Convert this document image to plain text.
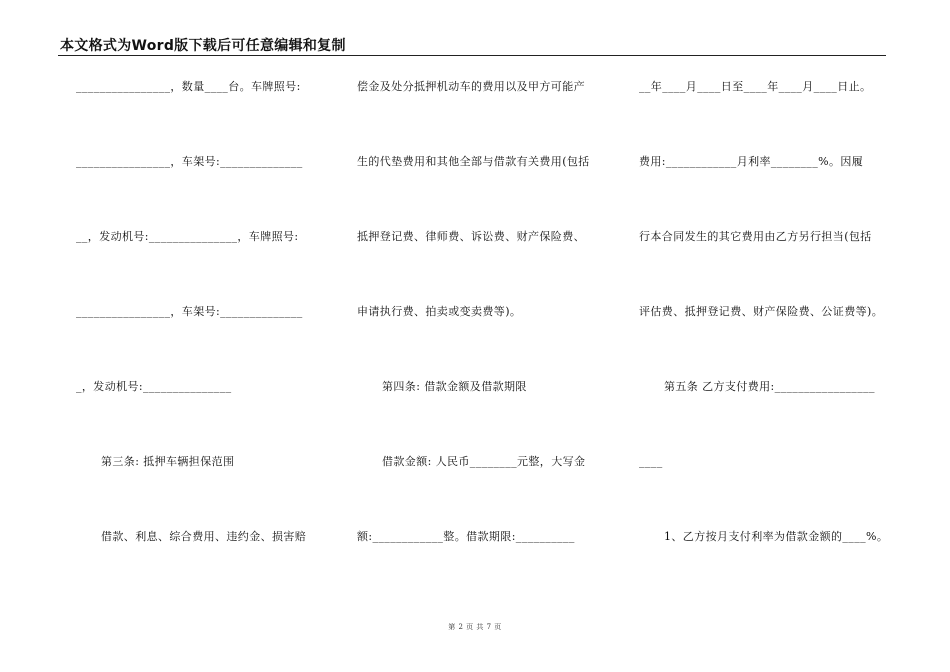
本文格式为Word版下载后可任意编辑和复制
________________，数量____台。车牌照号:
________________，车架号:______________
__，发动机号:_______________，车牌照号:
________________，车架号:______________
_，发动机号:_______________
第三条: 抵押车辆担保范围
借款、利息、综合费用、违约金、损害赔
偿金及处分抵押机动车的费用以及甲方可能产
生的代垫费用和其他全部与借款有关费用(包括
抵押登记费、律师费、诉讼费、财产保险费、
申请执行费、拍卖或变卖费等)。
第四条: 借款金额及借款期限
借款金额: 人民币________元整，大写金
额:____________整。借款期限:__________
__年____月____日至____年____月____日止。
费用:____________月利率________%。因履
行本合同发生的其它费用由乙方另行担当(包括
评估费、抵押登记费、财产保险费、公证费等)。
第五条 乙方支付费用:_________________
____
1、乙方按月支付利率为借款金额的____%。
第 2 页 共 7 页
